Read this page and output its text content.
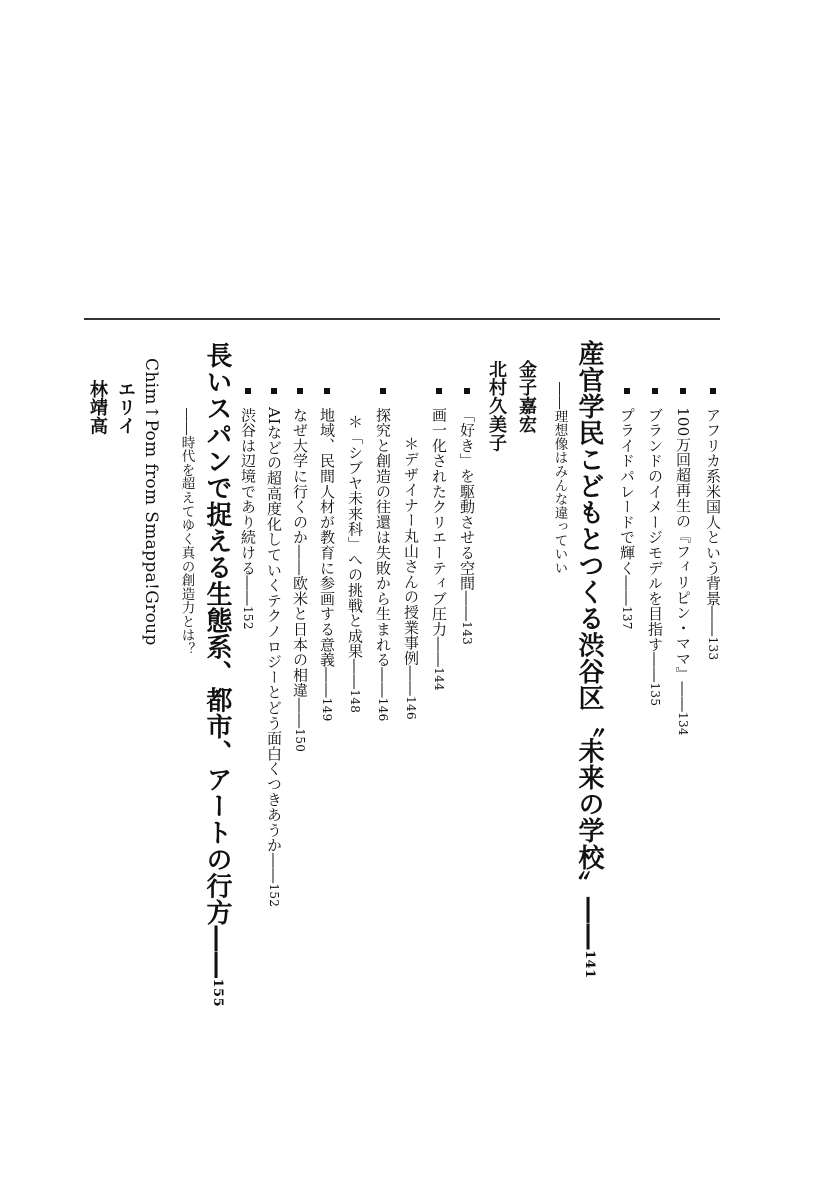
アフリカ系米国人という背景――133
100万回超再生の『フィリピン・ママ』――134
ブランドのイメージモデルを目指す――135
プライドパレードで輝く――137
産官学民こどもとつくる渋谷区〝未来の学校〟――141
――理想像はみんな違っていい
金子嘉宏
北村久美子
「好き」を駆動させる空間――143
画一化されたクリエーティブ圧力――144
＊デザイナー丸山さんの授業事例――146
探究と創造の往還は失敗から生まれる――146
＊「シブヤ未来科」への挑戦と成果――148
地域、民間人材が教育に参画する意義――149
なぜ大学に行くのか――欧米と日本の相違――150
AIなどの超高度化していくテクノロジーとどう面白くつきあうか――152
渋谷は辺境であり続ける――152
長いスパンで捉える生態系、都市、アートの行方――155
――時代を超えてゆく真の創造力とは？
Chim↑Pom from Smappa!Group
エリイ
林靖高
